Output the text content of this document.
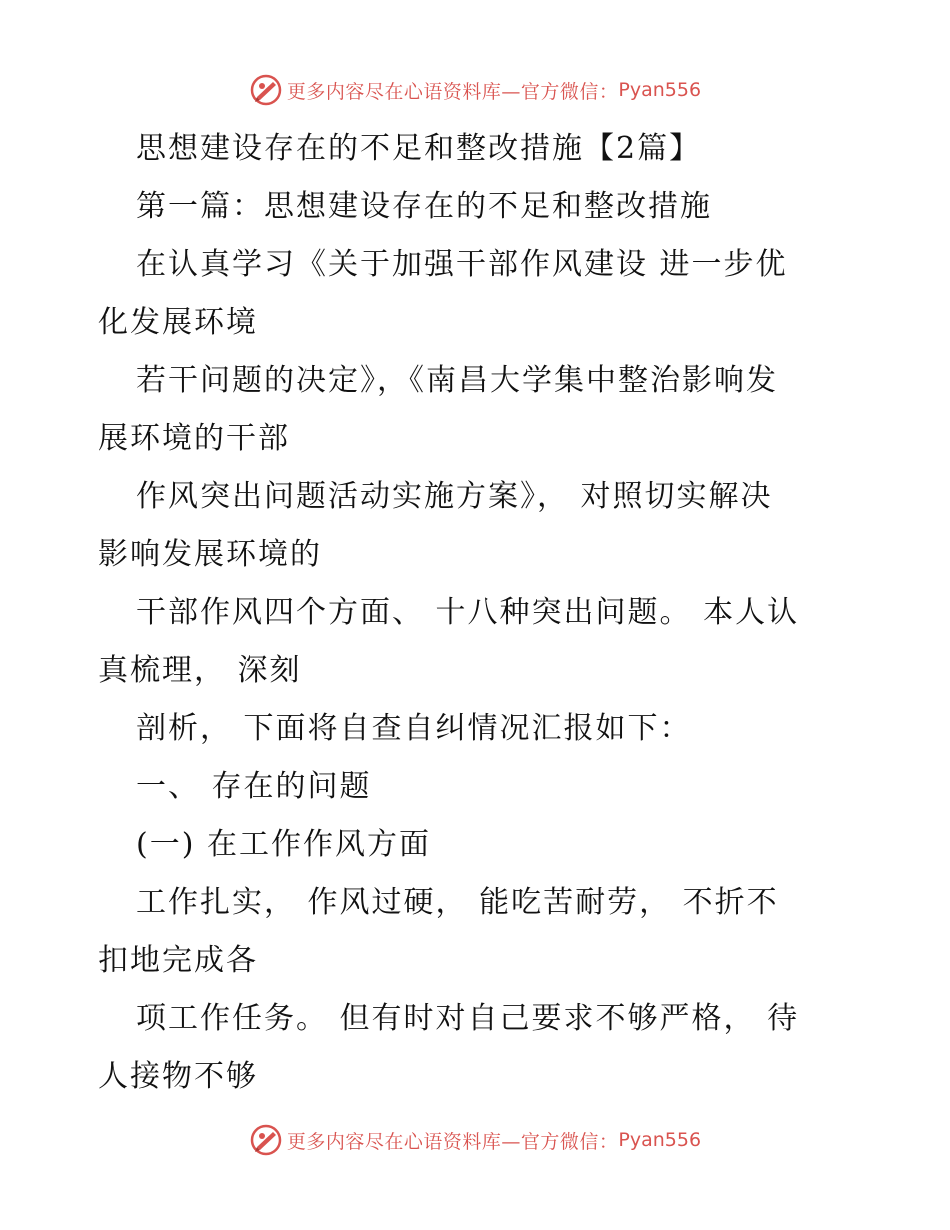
更多内容尽在心语资料库—官方微信： Pyan556
思想建设存在的不足和整改措施【2篇】
第一篇：思想建设存在的不足和整改措施
在认真学习《关于加强干部作风建设 进一步优
化发展环境
若干问题的决定》，《南昌大学集中整治影响发
展环境的干部
作风突出问题活动实施方案》， 对照切实解决
影响发展环境的
干部作风四个方面、 十八种突出问题。 本人认
真梳理， 深刻
剖析， 下面将自查自纠情况汇报如下：
一、 存在的问题
(一) 在工作作风方面
工作扎实， 作风过硬， 能吃苦耐劳， 不折不
扣地完成各
项工作任务。 但有时对自己要求不够严格， 待
人接物不够
更多内容尽在心语资料库—官方微信： Pyan556
